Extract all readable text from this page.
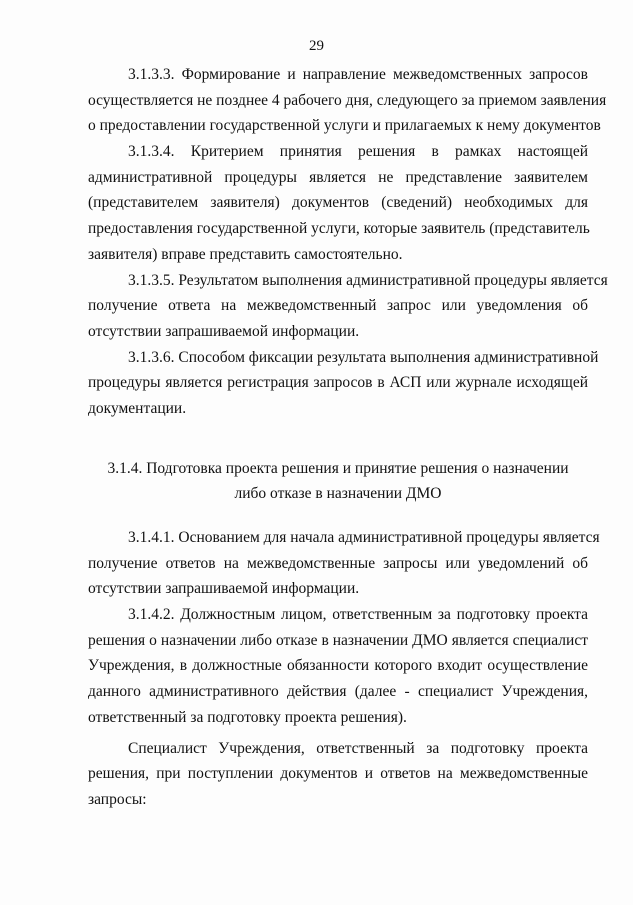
29
3.1.3.3. Формирование и направление межведомственных запросов
осуществляется не позднее 4 рабочего дня, следующего за приемом заявления
о предоставлении государственной услуги и прилагаемых к нему документов
3.1.3.4. Критерием принятия решения в рамках настоящей
административной процедуры является не представление заявителем
(представителем заявителя) документов (сведений) необходимых для
предоставления государственной услуги, которые заявитель (представитель
заявителя) вправе представить самостоятельно.
3.1.3.5. Результатом выполнения административной процедуры является
получение ответа на межведомственный запрос или уведомления об
отсутствии запрашиваемой информации.
3.1.3.6. Способом фиксации результата выполнения административной
процедуры является регистрация запросов в АСП или журнале исходящей
документации.
3.1.4. Подготовка проекта решения и принятие решения о назначении
либо отказе в назначении ДМО
3.1.4.1. Основанием для начала административной процедуры является
получение ответов на межведомственные запросы или уведомлений об
отсутствии запрашиваемой информации.
3.1.4.2. Должностным лицом, ответственным за подготовку проекта
решения о назначении либо отказе в назначении ДМО является специалист
Учреждения, в должностные обязанности которого входит осуществление
данного административного действия (далее - специалист Учреждения,
ответственный за подготовку проекта решения).
Специалист Учреждения, ответственный за подготовку проекта
решения, при поступлении документов и ответов на межведомственные
запросы:
